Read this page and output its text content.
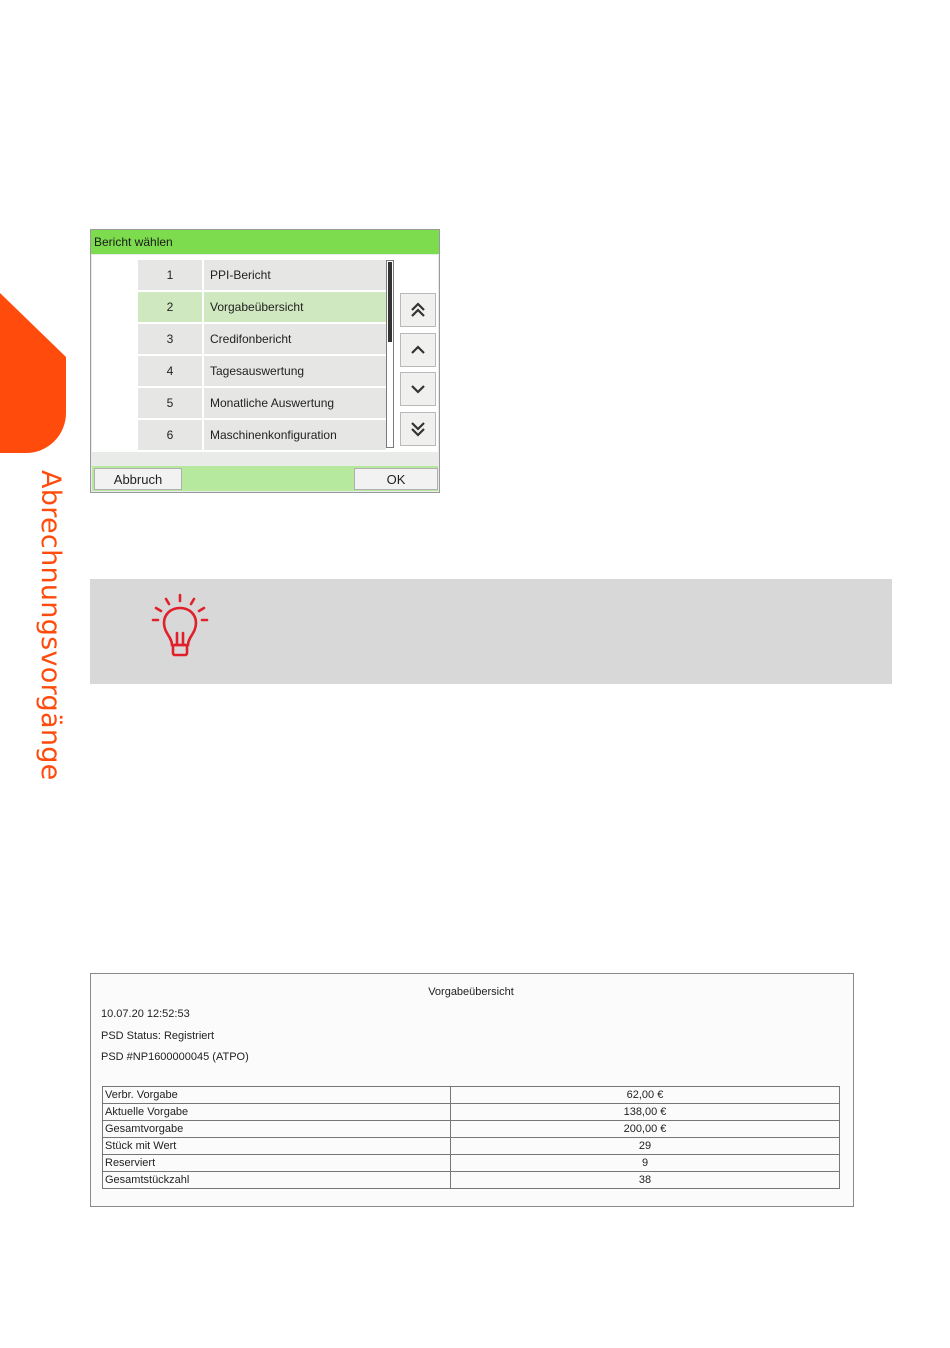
Abrechnungsvorgänge
Bericht wählen
1	PPI-Bericht
2	Vorgabeübersicht
3	Credifonbericht
4	Tagesauswertung
5	Monatliche Auswertung
6	Maschinenkonfiguration
Abbruch	OK
Vorgabeübersicht
10.07.20 12:52:53
PSD Status: Registriert
PSD #NP1600000045 (ATPO)
Verbr. Vorgabe	62,00 €
Aktuelle Vorgabe	138,00 €
Gesamtvorgabe	200,00 €
Stück mit Wert	29
Reserviert	9
Gesamtstückzahl	38
